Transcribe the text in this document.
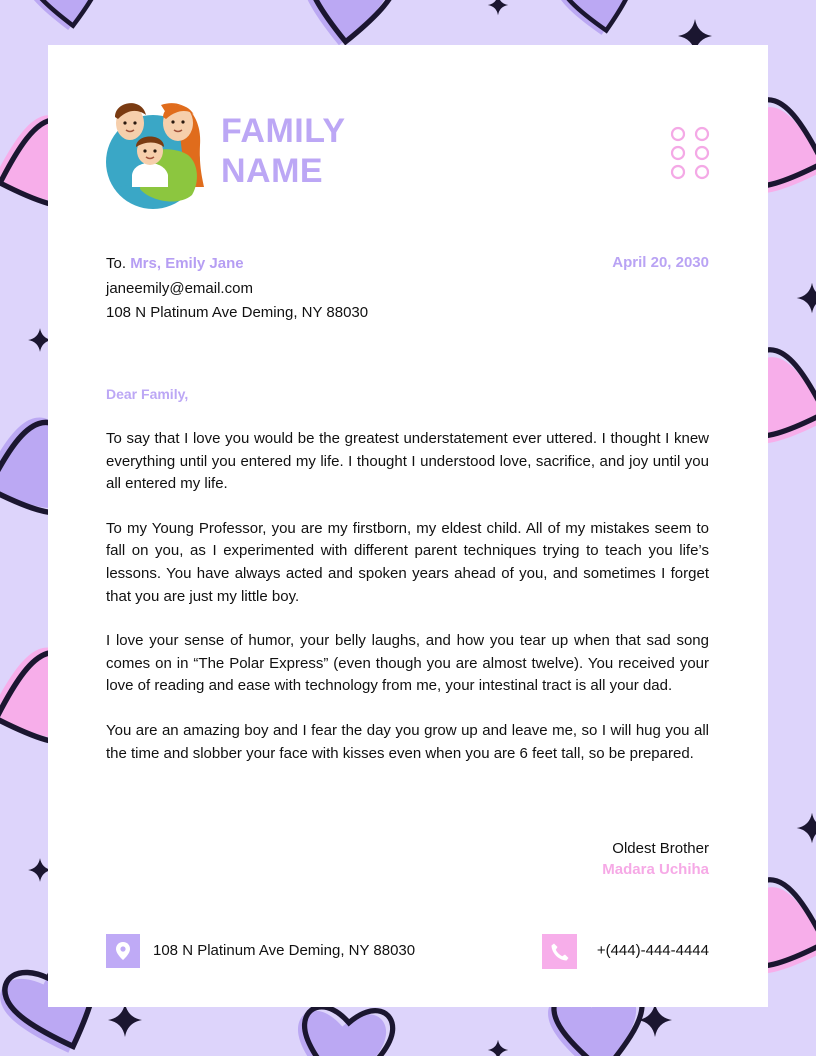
FAMILY
NAME
To. Mrs, Emily Jane
janeemily@email.com
108 N Platinum Ave Deming, NY 88030
April 20, 2030
Dear Family,

To say that I love you would be the greatest understatement ever uttered. I thought I knew everything until you entered my life. I thought I understood love, sacrifice, and joy until you all entered my life.

To my Young Professor, you are my firstborn, my eldest child. All of my mistakes seem to fall on you, as I experimented with different parent techniques trying to teach you life’s lessons. You have always acted and spoken years ahead of you, and sometimes I forget that you are just my little boy.

I love your sense of humor, your belly laughs, and how you tear up when that sad song comes on in “The Polar Express” (even though you are almost twelve). You received your love of reading and ease with technology from me, your intestinal tract is all your dad.

You are an amazing boy and I fear the day you grow up and leave me, so I will hug you all the time and slobber your face with kisses even when you are 6 feet tall, so be prepared.

Oldest Brother
Madara Uchiha
108 N Platinum Ave Deming, NY 88030	+(444)-444-4444
